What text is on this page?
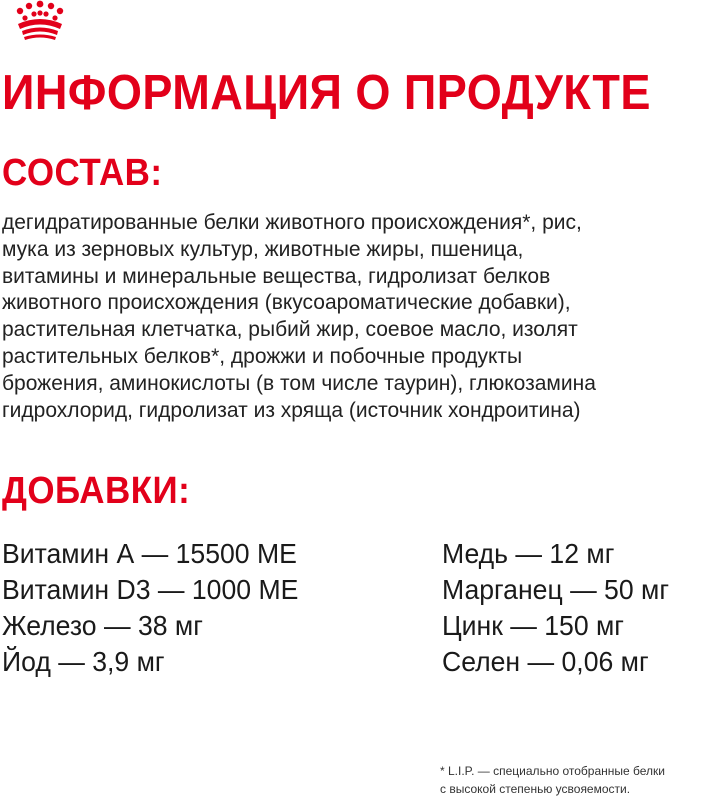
ИНФОРМАЦИЯ О ПРОДУКТЕ
СОСТАВ:

дегидратированные белки животного происхождения*, рис,
мука из зерновых культур, животные жиры, пшеница,
витамины и минеральные вещества, гидролизат белков
животного происхождения (вкусоароматические добавки),
растительная клетчатка, рыбий жир, соевое масло, изолят
растительных белков*, дрожжи и побочные продукты
брожения, аминокислоты (в том числе таурин), глюкозамина
гидрохлорид, гидролизат из хряща (источник хондроитина)

ДОБАВКИ:
Витамин А — 15500 МЕ
Витамин D3 — 1000 МЕ
Железо — 38 мг
Йод — 3,9 мг
Медь — 12 мг
Марганец — 50 мг
Цинк — 150 мг
Селен — 0,06 мг

* L.I.P. — специально отобранные белки
с высокой степенью усвояемости.
